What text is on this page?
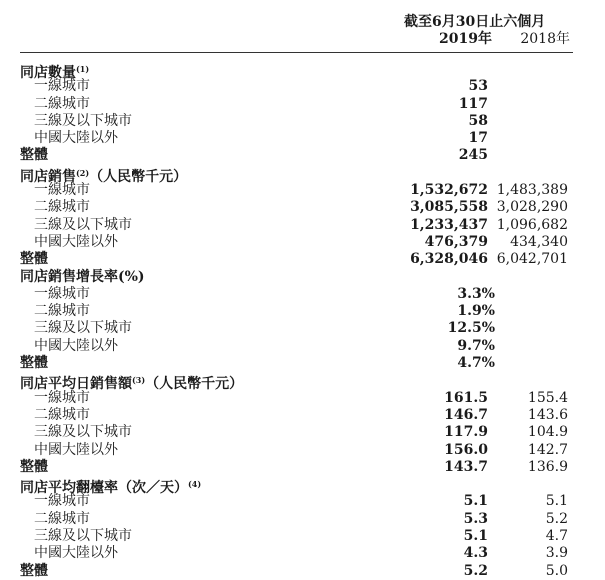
截至6月30日止六個月
2019年	2018年
同店數量$^{(1)}$
一線城市	53
二線城市	117
三線及以下城市	58
中國大陸以外	17
整體	245
同店銷售$^{(2)}$（人民幣千元）
一線城市	1,532,672 1,483,389
二線城市	3,085,558 3,028,290
三線及以下城市	1,233,437 1,096,682
中國大陸以外	476,379	434,340
整體	6,328,046 6,042,701
同店銷售增長率(%)
一線城市	3.3%
二線城市	1.9%
三線及以下城市	12.5%
中國大陸以外	9.7%
整體	4.7%
同店平均日銷售額$^{(3)}$（人民幣千元）
一線城市	161.5	155.4
二線城市	146.7	143.6
三線及以下城市	117.9	104.9
中國大陸以外	156.0	142.7
整體	143.7	136.9
同店平均翻檯率（次／天）$^{(4)}$
一線城市	5.1	5.1
二線城市	5.3	5.2
三線及以下城市	5.1	4.7
中國大陸以外	4.3	3.9
整體	5.2	5.0
